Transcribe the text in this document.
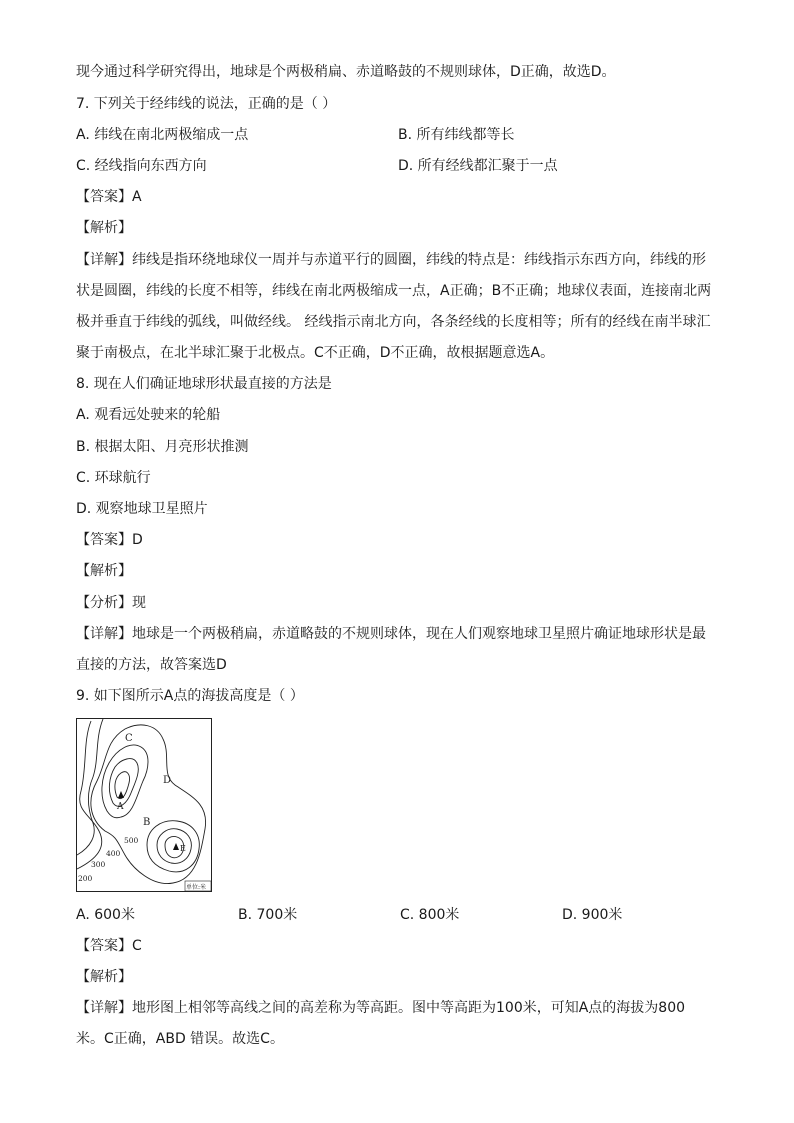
现今通过科学研究得出，地球是个两极稍扁、赤道略鼓的不规则球体，D正确，故选D。
7. 下列关于经纬线的说法，正确的是（ ）
A. 纬线在南北两极缩成一点	B. 所有纬线都等长
C. 经线指向东西方向	D. 所有经线都汇聚于一点
【答案】A
【解析】
【详解】纬线是指环绕地球仪一周并与赤道平行的圆圈，纬线的特点是：纬线指示东西方向，纬线的形
状是圆圈，纬线的长度不相等，纬线在南北两极缩成一点，A正确；B不正确；地球仪表面，连接南北两
极并垂直于纬线的弧线，叫做经线。 经线指示南北方向，各条经线的长度相等；所有的经线在南半球汇
聚于南极点，在北半球汇聚于北极点。C不正确，D不正确，故根据题意选A。
8. 现在人们确证地球形状最直接的方法是
A. 观看远处驶来的轮船
B. 根据太阳、月亮形状推测
C. 环球航行
D. 观察地球卫星照片
【答案】D
【解析】
【分析】现
【详解】地球是一个两极稍扁，赤道略鼓的不规则球体，现在人们观察地球卫星照片确证地球形状是最
直接的方法，故答案选D
9. 如下图所示A点的海拔高度是（ ）
C
D
A
B
E
500
400
300
200
单位:米
A. 600米	B. 700米	C. 800米	D. 900米
【答案】C
【解析】
【详解】地形图上相邻等高线之间的高差称为等高距。图中等高距为100米，可知A点的海拔为800
米。C正确，ABD 错误。故选C。
